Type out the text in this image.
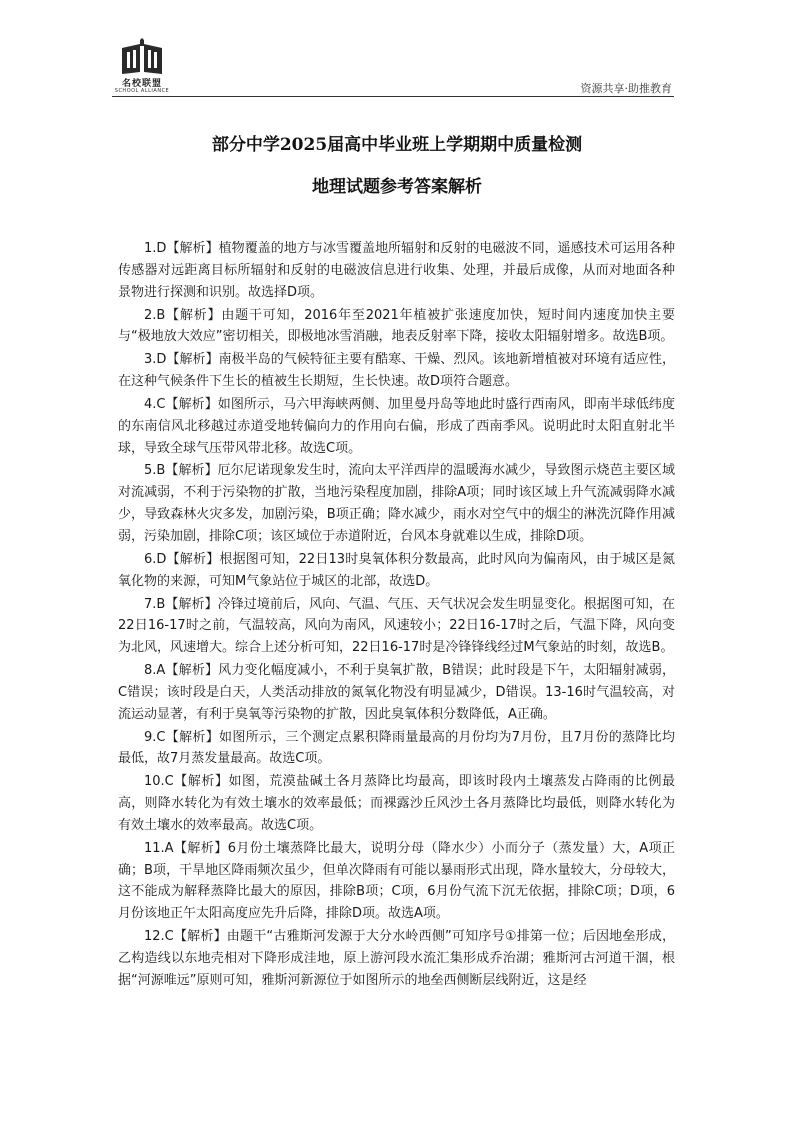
名校联盟
SCHOOL ALLIANCE	资源共享·助推教育
部分中学2025届高中毕业班上学期期中质量检测
地理试题参考答案解析

1.D【解析】植物覆盖的地方与冰雪覆盖地所辐射和反射的电磁波不同，遥感技术可运用各种传感器对远距离目标所辐射和反射的电磁波信息进行收集、处理，并最后成像，从而对地面各种景物进行探测和识别。故选择D项。

2.B【解析】由题干可知，2016年至2021年植被扩张速度加快，短时间内速度加快主要与“极地放大效应”密切相关，即极地冰雪消融，地表反射率下降，接收太阳辐射增多。故选B项。

3.D【解析】南极半岛的气候特征主要有酷寒、干燥、烈风。该地新增植被对环境有适应性，在这种气候条件下生长的植被生长期短，生长快速。故D项符合题意。

4.C【解析】如图所示，马六甲海峡两侧、加里曼丹岛等地此时盛行西南风，即南半球低纬度的东南信风北移越过赤道受地转偏向力的作用向右偏，形成了西南季风。说明此时太阳直射北半球，导致全球气压带风带北移。故选C项。

5.B【解析】厄尔尼诺现象发生时，流向太平洋西岸的温暖海水减少，导致图示烧芭主要区域对流减弱，不利于污染物的扩散，当地污染程度加剧，排除A项；同时该区域上升气流减弱降水减少，导致森林火灾多发，加剧污染，B项正确；降水减少，雨水对空气中的烟尘的淋洗沉降作用减弱，污染加剧，排除C项；该区域位于赤道附近，台风本身就难以生成，排除D项。

6.D【解析】根据图可知，22日13时臭氧体积分数最高，此时风向为偏南风，由于城区是氮氧化物的来源，可知M气象站位于城区的北部，故选D。

7.B【解析】冷锋过境前后，风向、气温、气压、天气状况会发生明显变化。根据图可知，在22日16-17时之前，气温较高，风向为南风，风速较小；22日16-17时之后，气温下降，风向变为北风，风速增大。综合上述分析可知，22日16-17时是冷锋锋线经过M气象站的时刻，故选B。

8.A【解析】风力变化幅度减小，不利于臭氧扩散，B错误；此时段是下午，太阳辐射减弱，C错误；该时段是白天，人类活动排放的氮氧化物没有明显减少，D错误。13-16时气温较高，对流运动显著，有利于臭氧等污染物的扩散，因此臭氧体积分数降低，A正确。

9.C【解析】如图所示，三个测定点累积降雨量最高的月份均为7月份，且7月份的蒸降比均最低，故7月蒸发量最高。故选C项。

10.C【解析】如图，荒漠盐碱土各月蒸降比均最高，即该时段内土壤蒸发占降雨的比例最高，则降水转化为有效土壤水的效率最低；而裸露沙丘风沙土各月蒸降比均最低，则降水转化为有效土壤水的效率最高。故选C项。

11.A【解析】6月份土壤蒸降比最大，说明分母（降水少）小而分子（蒸发量）大，A项正确；B项，干旱地区降雨频次虽少，但单次降雨有可能以暴雨形式出现，降水量较大，分母较大，这不能成为解释蒸降比最大的原因，排除B项；C项，6月份气流下沉无依据，排除C项；D项，6月份该地正午太阳高度应先升后降，排除D项。故选A项。

12.C【解析】由题干“古雅斯河发源于大分水岭西侧”可知序号①排第一位；后因地垒形成，乙构造线以东地壳相对下降形成洼地，原上游河段水流汇集形成乔治湖；雅斯河古河道干涸，根据“河源唯远”原则可知，雅斯河新源位于如图所示的地垒西侧断层线附近，这是经
